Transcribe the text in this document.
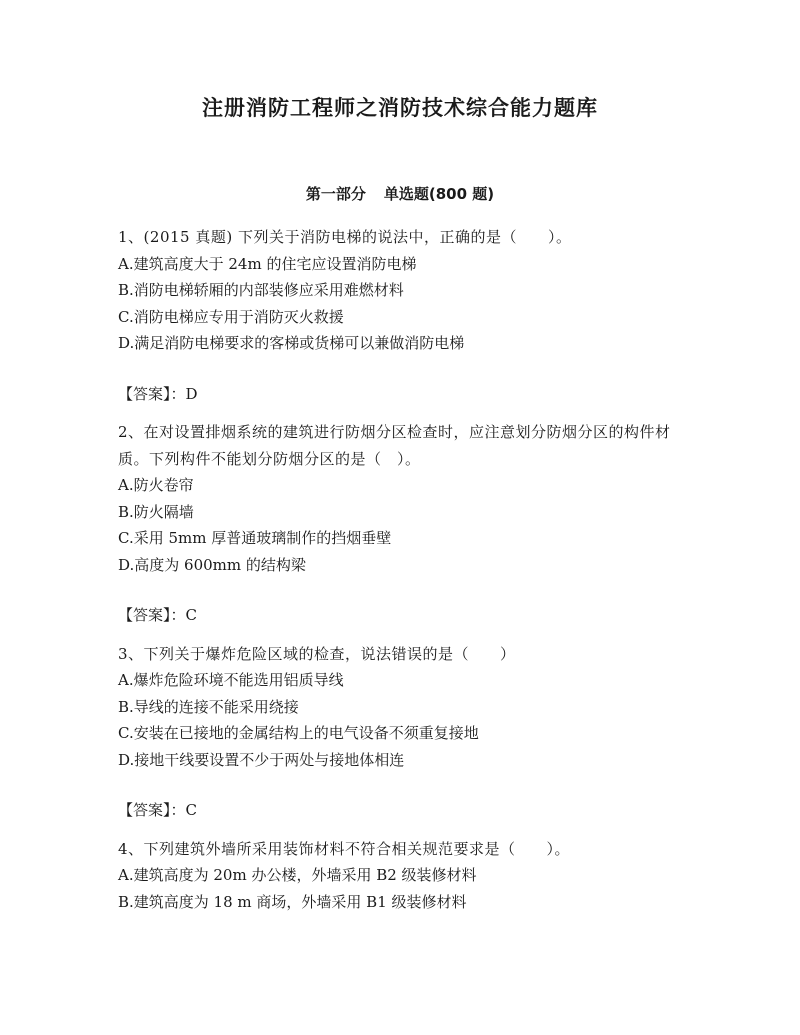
注册消防工程师之消防技术综合能力题库
第一部分 单选题(800 题)

1、(2015 真题) 下列关于消防电梯的说法中，正确的是（　　）。

A.建筑高度大于 24m 的住宅应设置消防电梯

B.消防电梯轿厢的内部装修应采用难燃材料

C.消防电梯应专用于消防灭火救援

D.满足消防电梯要求的客梯或货梯可以兼做消防电梯

【答案】：D

2、在对设置排烟系统的建筑进行防烟分区检查时，应注意划分防烟分区的构件材质。下列构件不能划分防烟分区的是（　）。

A.防火卷帘

B.防火隔墙

C.采用 5mm 厚普通玻璃制作的挡烟垂壁

D.高度为 600mm 的结构梁

【答案】：C

3、下列关于爆炸危险区域的检查，说法错误的是（　　）

A.爆炸危险环境不能选用铝质导线

B.导线的连接不能采用绕接

C.安装在已接地的金属结构上的电气设备不须重复接地

D.接地干线要设置不少于两处与接地体相连

【答案】：C

4、下列建筑外墙所采用装饰材料不符合相关规范要求是（　　）。

A.建筑高度为 20m 办公楼，外墙采用 B2 级装修材料

B.建筑高度为 18 m 商场，外墙采用 B1 级装修材料
